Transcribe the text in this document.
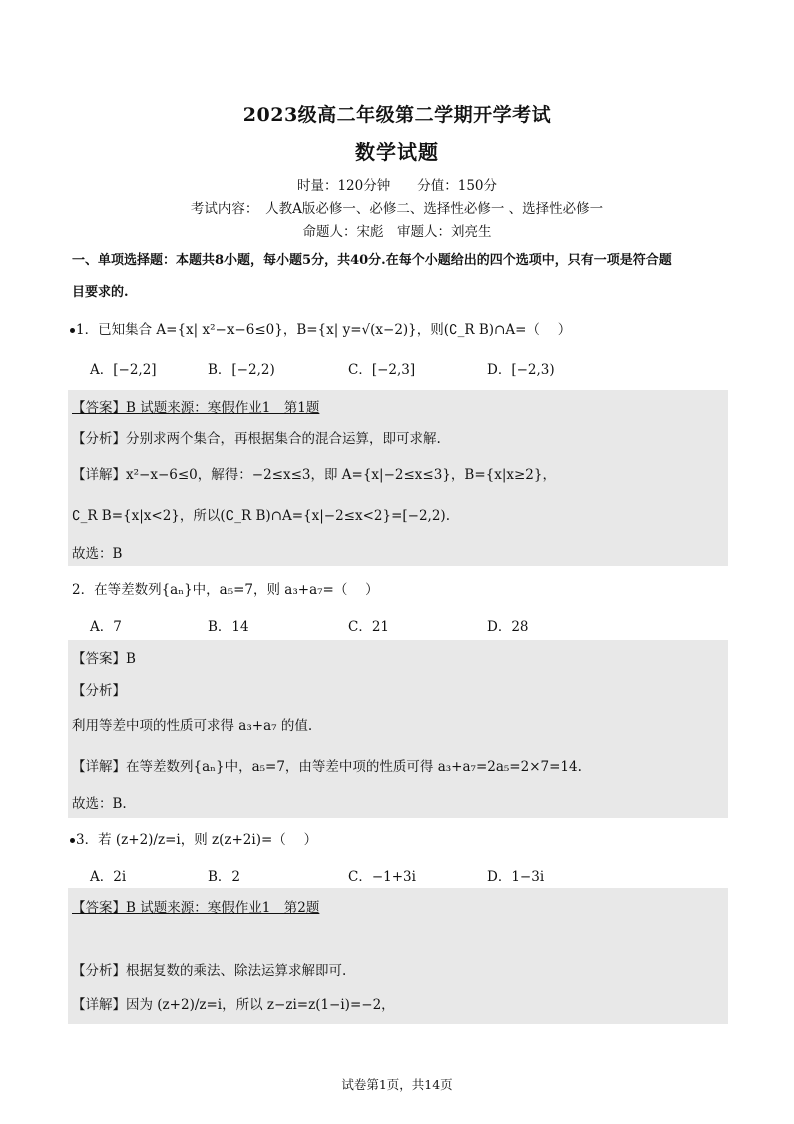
2023级高二年级第二学期开学考试
数学试题
时量：120分钟　　分值：150分
考试内容：　人教A版必修一、必修二、选择性必修一 、选择性必修一
命题人：宋彪　审题人：刘亮生
一、单项选择题：本题共8小题，每小题5分，共40分.在每个小题给出的四个选项中，只有一项是符合题
目要求的.
1．已知集合 A={x| x²−x−6≤0}，B={x| y=√(x−2)}，则(∁_R B)∩A=（　 ）
A．[−2,2]	B．[−2,2)	C．[−2,3]	D．[−2,3)
【答案】B 试题来源：寒假作业1　第1题
【分析】分别求两个集合，再根据集合的混合运算，即可求解.
【详解】x²−x−6≤0，解得：−2≤x≤3，即 A={x|−2≤x≤3}，B={x|x≥2}，
∁_R B={x|x<2}，所以(∁_R B)∩A={x|−2≤x<2}=[−2,2).
故选：B
2．在等差数列{aₙ}中，a₅=7，则 a₃+a₇=（　 ）
A．7	B．14	C．21	D．28
【答案】B
【分析】
利用等差中项的性质可求得 a₃+a₇ 的值.
【详解】在等差数列{aₙ}中，a₅=7，由等差中项的性质可得 a₃+a₇=2a₅=2×7=14.
故选：B.
3．若 (z+2)/z=i，则 z(z+2i)=（　 ）
A．2i	B．2	C．−1+3i	D．1−3i
【答案】B 试题来源：寒假作业1　第2题
【分析】根据复数的乘法、除法运算求解即可.
【详解】因为 (z+2)/z=i，所以 z−zi=z(1−i)=−2，
试卷第1页，共14页
